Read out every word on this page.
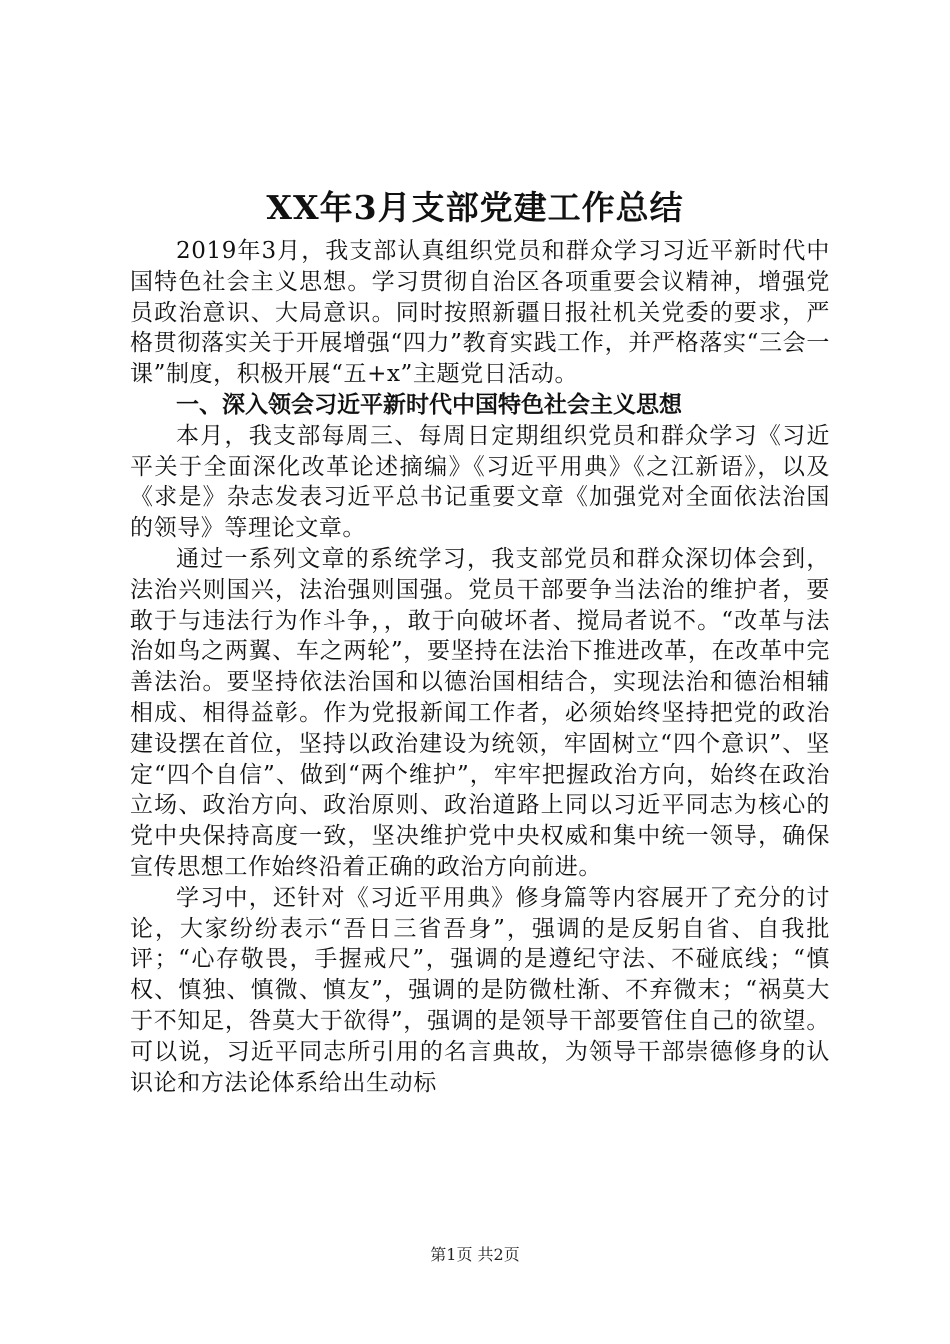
XX年3月支部党建工作总结

2019年3月，我支部认真组织党员和群众学习习近平新时代中国特色社会主义思想。学习贯彻自治区各项重要会议精神，增强党员政治意识、大局意识。同时按照新疆日报社机关党委的要求，严格贯彻落实关于开展增强“四力”教育实践工作，并严格落实“三会一课”制度，积极开展“五+x”主题党日活动。

一、深入领会习近平新时代中国特色社会主义思想

本月，我支部每周三、每周日定期组织党员和群众学习《习近平关于全面深化改革论述摘编》《习近平用典》《之江新语》，以及《求是》杂志发表习近平总书记重要文章《加强党对全面依法治国的领导》等理论文章。

通过一系列文章的系统学习，我支部党员和群众深切体会到，法治兴则国兴，法治强则国强。党员干部要争当法治的维护者，要敢于与违法行为作斗争，，敢于向破坏者、搅局者说不。“改革与法治如鸟之两翼、车之两轮”，要坚持在法治下推进改革，在改革中完善法治。要坚持依法治国和以德治国相结合，实现法治和德治相辅相成、相得益彰。作为党报新闻工作者，必须始终坚持把党的政治建设摆在首位，坚持以政治建设为统领，牢固树立“四个意识”、坚定“四个自信”、做到“两个维护”，牢牢把握政治方向，始终在政治立场、政治方向、政治原则、政治道路上同以习近平同志为核心的党中央保持高度一致，坚决维护党中央权威和集中统一领导，确保宣传思想工作始终沿着正确的政治方向前进。

学习中，还针对《习近平用典》修身篇等内容展开了充分的讨论，大家纷纷表示“吾日三省吾身”，强调的是反躬自省、自我批评；“心存敬畏，手握戒尺”，强调的是遵纪守法、不碰底线；“慎权、慎独、慎微、慎友”，强调的是防微杜渐、不弃微末；“祸莫大于不知足，咎莫大于欲得”，强调的是领导干部要管住自己的欲望。可以说，习近平同志所引用的名言典故，为领导干部崇德修身的认识论和方法论体系给出生动标

第1页 共2页
